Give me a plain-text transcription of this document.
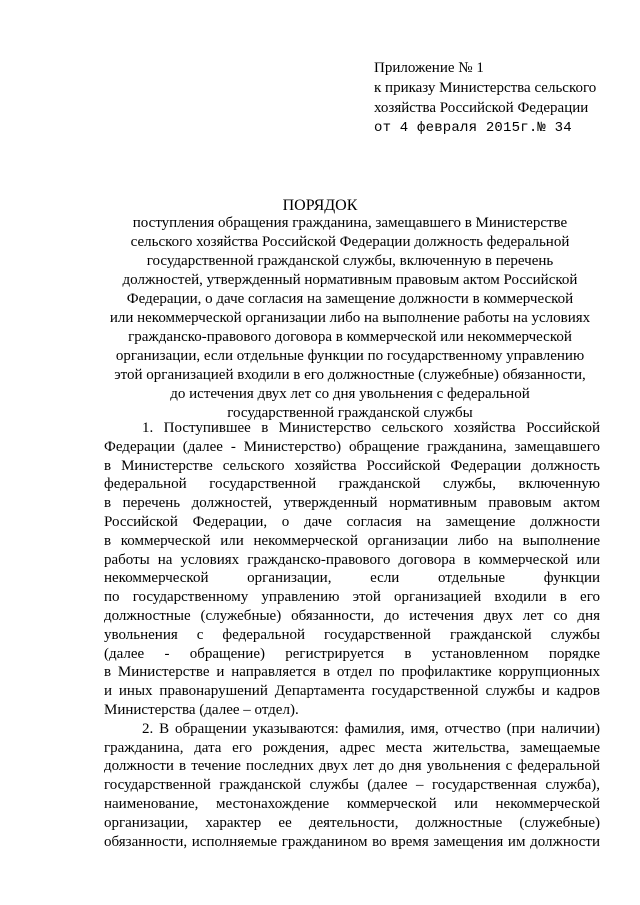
Приложение № 1
к приказу Министерства сельского
хозяйства Российской Федерации
от 4 февраля 2015г.№ 34
ПОРЯДОК
поступления обращения гражданина, замещавшего в Министерстве
сельского хозяйства Российской Федерации должность федеральной
государственной гражданской службы, включенную в перечень
должностей, утвержденный нормативным правовым актом Российской
Федерации, о даче согласия на замещение должности в коммерческой
или некоммерческой организации либо на выполнение работы на условиях
гражданско-правового договора в коммерческой или некоммерческой
организации, если отдельные функции по государственному управлению
этой организацией входили в его должностные (служебные) обязанности,
до истечения двух лет со дня увольнения с федеральной
государственной гражданской службы
1. Поступившее в Министерство сельского хозяйства Российской
Федерации (далее - Министерство) обращение гражданина, замещавшего
в Министерстве сельского хозяйства Российской Федерации должность
федеральной государственной гражданской службы, включенную
в перечень должностей, утвержденный нормативным правовым актом
Российской Федерации, о даче согласия на замещение должности
в коммерческой или некоммерческой организации либо на выполнение
работы на условиях гражданско-правового договора в коммерческой или
некоммерческой организации, если отдельные функции
по государственному управлению этой организацией входили в его
должностные (служебные) обязанности, до истечения двух лет со дня
увольнения с федеральной государственной гражданской службы
(далее - обращение) регистрируется в установленном порядке
в Министерстве и направляется в отдел по профилактике коррупционных
и иных правонарушений Департамента государственной службы и кадров
Министерства (далее – отдел).
2. В обращении указываются: фамилия, имя, отчество (при наличии)
гражданина, дата его рождения, адрес места жительства, замещаемые
должности в течение последних двух лет до дня увольнения с федеральной
государственной гражданской службы (далее – государственная служба),
наименование, местонахождение коммерческой или некоммерческой
организации, характер ее деятельности, должностные (служебные)
обязанности, исполняемые гражданином во время замещения им должности
